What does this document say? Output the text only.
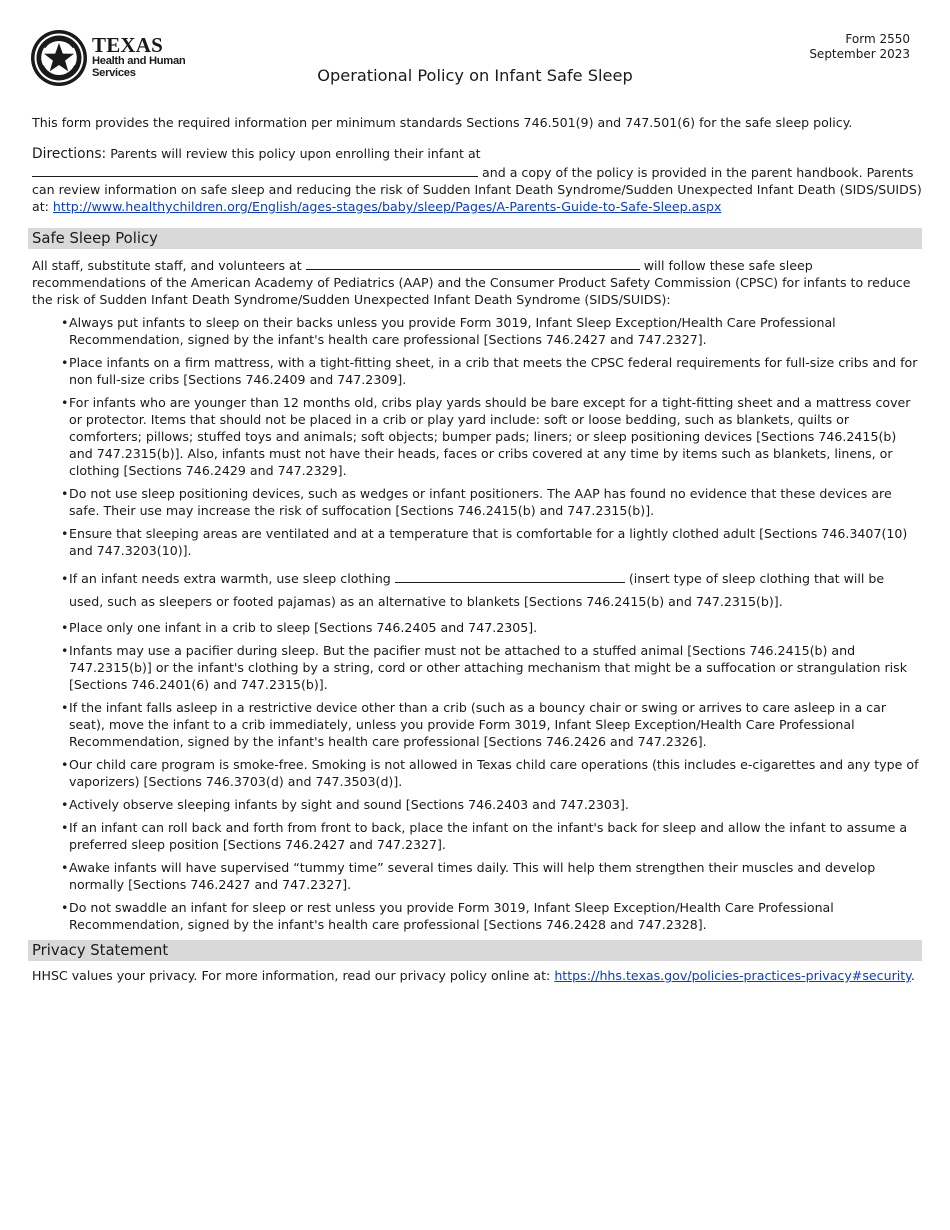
TEXAS
Health and Human
Services
Form 2550
September 2023
Operational Policy on Infant Safe Sleep
This form provides the required information per minimum standards Sections 746.501(9) and 747.501(6) for the safe sleep policy.
Directions: Parents will review this policy upon enrolling their infant at  and a copy of the policy is provided in the parent handbook. Parents can review information on safe sleep and reducing the risk of Sudden Infant Death Syndrome/Sudden Unexpected Infant Death (SIDS/SUIDS) at: http://www.healthychildren.org/English/ages-stages/baby/sleep/Pages/A-Parents-Guide-to-Safe-Sleep.aspx
Safe Sleep Policy
All staff, substitute staff, and volunteers at	will follow these safe sleep recommendations of the American Academy of Pediatrics (AAP) and the Consumer Product Safety Commission (CPSC) for infants to reduce the risk of Sudden Infant Death Syndrome/Sudden Unexpected Infant Death Syndrome (SIDS/SUIDS):
• Always put infants to sleep on their backs unless you provide Form 3019, Infant Sleep Exception/Health Care Professional Recommendation, signed by the infant's health care professional [Sections 746.2427 and 747.2327].
• Place infants on a firm mattress, with a tight-fitting sheet, in a crib that meets the CPSC federal requirements for full-size cribs and for non full-size cribs [Sections 746.2409 and 747.2309].
• For infants who are younger than 12 months old, cribs play yards should be bare except for a tight-fitting sheet and a mattress cover or protector. Items that should not be placed in a crib or play yard include: soft or loose bedding, such as blankets, quilts or comforters; pillows; stuffed toys and animals; soft objects; bumper pads; liners; or sleep positioning devices [Sections 746.2415(b) and 747.2315(b)]. Also, infants must not have their heads, faces or cribs covered at any time by items such as blankets, linens, or clothing [Sections 746.2429 and 747.2329].
• Do not use sleep positioning devices, such as wedges or infant positioners. The AAP has found no evidence that these devices are safe. Their use may increase the risk of suffocation [Sections 746.2415(b) and 747.2315(b)].
• Ensure that sleeping areas are ventilated and at a temperature that is comfortable for a lightly clothed adult [Sections 746.3407(10) and 747.3203(10)].
• If an infant needs extra warmth, use sleep clothing	(insert type of sleep clothing that will be used, such as sleepers or footed pajamas) as an alternative to blankets [Sections 746.2415(b) and 747.2315(b)].
• Place only one infant in a crib to sleep [Sections 746.2405 and 747.2305].
• Infants may use a pacifier during sleep. But the pacifier must not be attached to a stuffed animal [Sections 746.2415(b) and 747.2315(b)] or the infant's clothing by a string, cord or other attaching mechanism that might be a suffocation or strangulation risk [Sections 746.2401(6) and 747.2315(b)].
• If the infant falls asleep in a restrictive device other than a crib (such as a bouncy chair or swing or arrives to care asleep in a car seat), move the infant to a crib immediately, unless you provide Form 3019, Infant Sleep Exception/Health Care Professional Recommendation, signed by the infant's health care professional [Sections 746.2426 and 747.2326].
• Our child care program is smoke-free. Smoking is not allowed in Texas child care operations (this includes e-cigarettes and any type of vaporizers) [Sections 746.3703(d) and 747.3503(d)].
• Actively observe sleeping infants by sight and sound [Sections 746.2403 and 747.2303].
• If an infant can roll back and forth from front to back, place the infant on the infant's back for sleep and allow the infant to assume a preferred sleep position [Sections 746.2427 and 747.2327].
• Awake infants will have supervised “tummy time” several times daily. This will help them strengthen their muscles and develop normally [Sections 746.2427 and 747.2327].
• Do not swaddle an infant for sleep or rest unless you provide Form 3019, Infant Sleep Exception/Health Care Professional Recommendation, signed by the infant's health care professional [Sections 746.2428 and 747.2328].
Privacy Statement
HHSC values your privacy. For more information, read our privacy policy online at: https://hhs.texas.gov/policies-practices-privacy#security.
